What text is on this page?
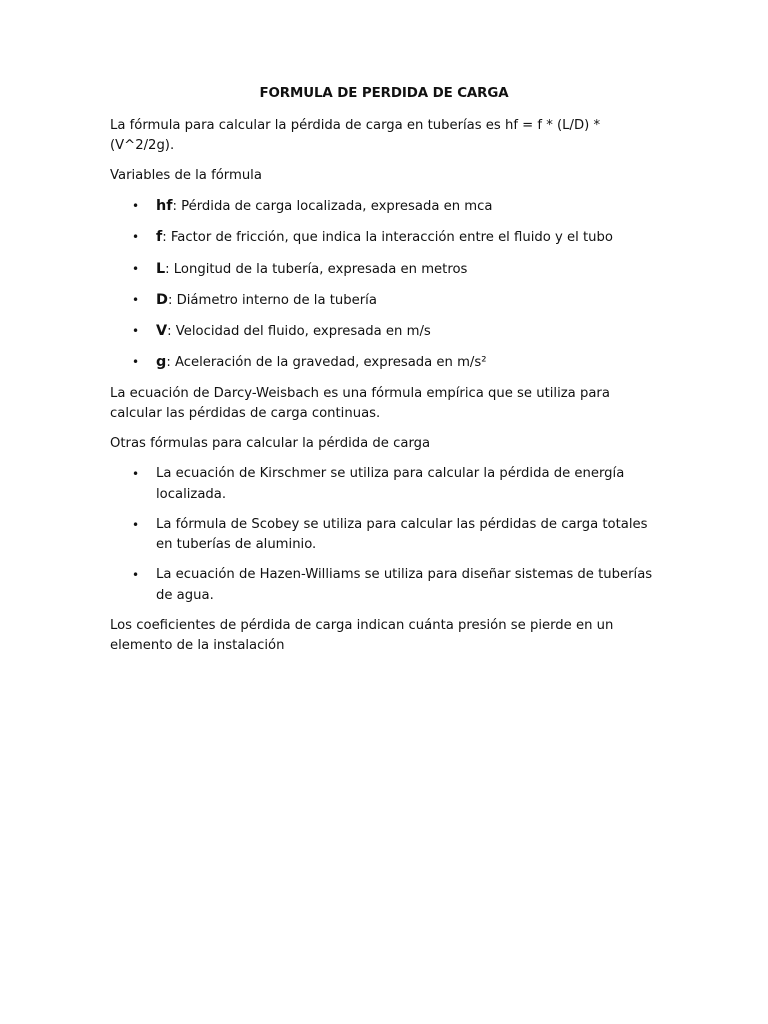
FORMULA DE PERDIDA DE CARGA

La fórmula para calcular la pérdida de carga en tuberías es hf = f * (L/D) * (V^2/2g).

Variables de la fórmula

• hf: Pérdida de carga localizada, expresada en mca
• f: Factor de fricción, que indica la interacción entre el fluido y el tubo
• L: Longitud de la tubería, expresada en metros
• D: Diámetro interno de la tubería
• V: Velocidad del fluido, expresada en m/s
• g: Aceleración de la gravedad, expresada en m/s²

La ecuación de Darcy-Weisbach es una fórmula empírica que se utiliza para calcular las pérdidas de carga continuas.

Otras fórmulas para calcular la pérdida de carga

• La ecuación de Kirschmer se utiliza para calcular la pérdida de energía localizada.
• La fórmula de Scobey se utiliza para calcular las pérdidas de carga totales en tuberías de aluminio.
• La ecuación de Hazen-Williams se utiliza para diseñar sistemas de tuberías de agua.

Los coeficientes de pérdida de carga indican cuánta presión se pierde en un elemento de la instalación
